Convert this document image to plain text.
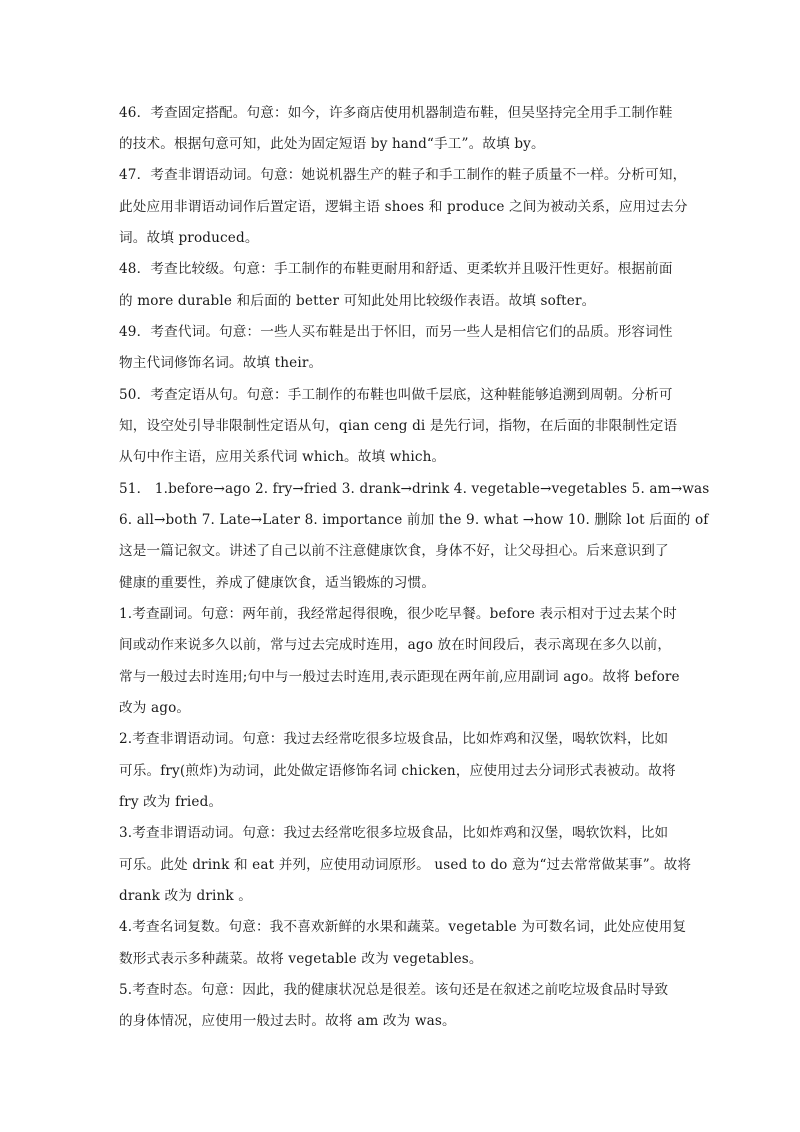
46．考查固定搭配。句意：如今，许多商店使用机器制造布鞋，但吴坚持完全用手工制作鞋
的技术。根据句意可知，此处为固定短语 by hand“手工”。故填 by。
47．考查非谓语动词。句意：她说机器生产的鞋子和手工制作的鞋子质量不一样。分析可知，
此处应用非谓语动词作后置定语，逻辑主语 shoes 和 produce 之间为被动关系，应用过去分
词。故填 produced。
48．考查比较级。句意：手工制作的布鞋更耐用和舒适、更柔软并且吸汗性更好。根据前面
的 more durable 和后面的 better 可知此处用比较级作表语。故填 softer。
49．考查代词。句意：一些人买布鞋是出于怀旧，而另一些人是相信它们的品质。形容词性
物主代词修饰名词。故填 their。
50．考查定语从句。句意：手工制作的布鞋也叫做千层底，这种鞋能够追溯到周朝。分析可
知，设空处引导非限制性定语从句，qian ceng di 是先行词，指物，在后面的非限制性定语
从句中作主语，应用关系代词 which。故填 which。
51． 1.before→ago 2. fry→fried 3. drank→drink 4. vegetable→vegetables 5. am→was
6. all→both 7. Late→Later 8. importance 前加 the 9. what →how 10. 删除 lot 后面的 of
这是一篇记叙文。讲述了自己以前不注意健康饮食，身体不好，让父母担心。后来意识到了
健康的重要性，养成了健康饮食，适当锻炼的习惯。
1.考查副词。句意：两年前，我经常起得很晚，很少吃早餐。before 表示相对于过去某个时
间或动作来说多久以前，常与过去完成时连用，ago 放在时间段后，表示离现在多久以前，
常与一般过去时连用;句中与一般过去时连用,表示距现在两年前,应用副词 ago。故将 before
改为 ago。
2.考查非谓语动词。句意：我过去经常吃很多垃圾食品，比如炸鸡和汉堡，喝软饮料，比如
可乐。fry(煎炸)为动词，此处做定语修饰名词 chicken，应使用过去分词形式表被动。故将
fry 改为 fried。
3.考查非谓语动词。句意：我过去经常吃很多垃圾食品，比如炸鸡和汉堡，喝软饮料，比如
可乐。此处 drink 和 eat 并列，应使用动词原形。 used to do 意为“过去常常做某事”。故将
drank 改为 drink 。
4.考查名词复数。句意：我不喜欢新鲜的水果和蔬菜。vegetable 为可数名词，此处应使用复
数形式表示多种蔬菜。故将 vegetable 改为 vegetables。
5.考查时态。句意：因此，我的健康状况总是很差。该句还是在叙述之前吃垃圾食品时导致
的身体情况，应使用一般过去时。故将 am 改为 was。
